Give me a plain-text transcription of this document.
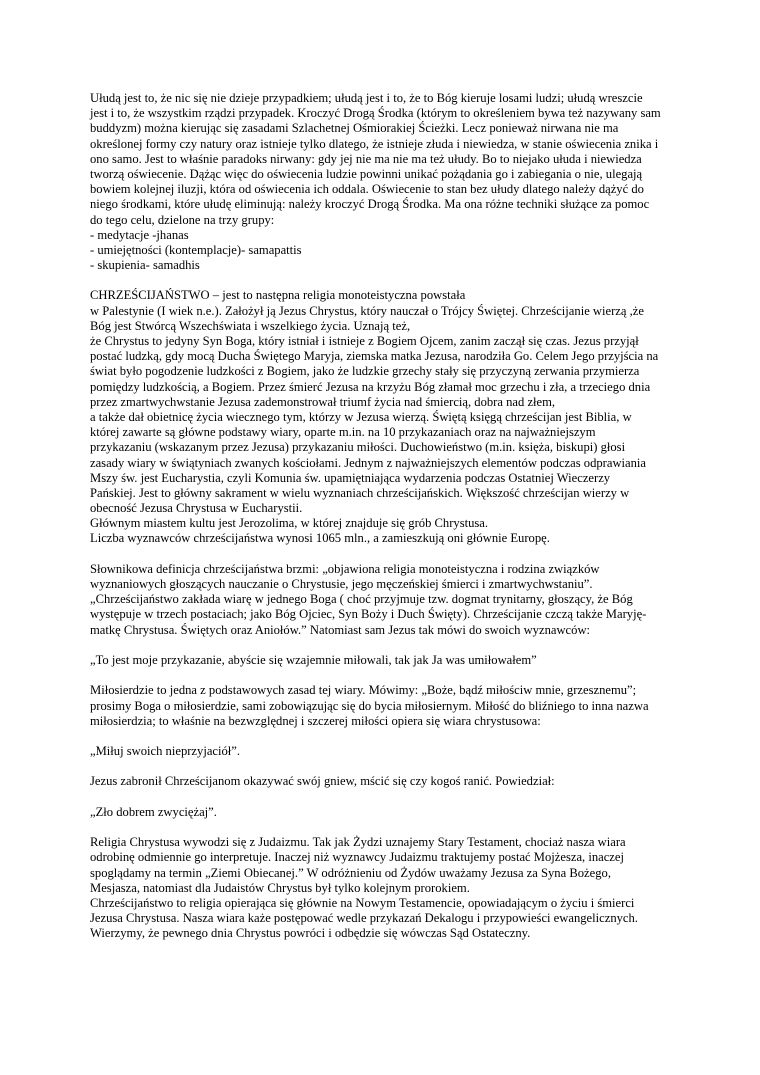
Ułudą jest to, że nic się nie dzieje przypadkiem; ułudą jest i to, że to Bóg kieruje losami ludzi; ułudą wreszcie
jest i to, że wszystkim rządzi przypadek. Kroczyć Drogą Środka (którym to określeniem bywa też nazywany sam
buddyzm) można kierując się zasadami Szlachetnej Ośmiorakiej Ścieżki. Lecz ponieważ nirwana nie ma
określonej formy czy natury oraz istnieje tylko dlatego, że istnieje złuda i niewiedza, w stanie oświecenia znika i
ono samo. Jest to właśnie paradoks nirwany: gdy jej nie ma nie ma też ułudy. Bo to niejako ułuda i niewiedza
tworzą oświecenie. Dążąc więc do oświecenia ludzie powinni unikać pożądania go i zabiegania o nie, ulegają
bowiem kolejnej iluzji, która od oświecenia ich oddala. Oświecenie to stan bez ułudy dlatego należy dążyć do
niego środkami, które ułudę eliminują: należy kroczyć Drogą Środka. Ma ona różne techniki służące za pomoc
do tego celu, dzielone na trzy grupy:
- medytacje -jhanas
- umiejętności (kontemplacje)- samapattis
- skupienia- samadhis
CHRZEŚCIJAŃSTWO – jest to następna religia monoteistyczna powstała
w Palestynie (I wiek n.e.). Założył ją Jezus Chrystus, który nauczał o Trójcy Świętej. Chrześcijanie wierzą ,że
Bóg jest Stwórcą Wszechświata i wszelkiego życia. Uznają też,
że Chrystus to jedyny Syn Boga, który istniał i istnieje z Bogiem Ojcem, zanim zaczął się czas. Jezus przyjął
postać ludzką, gdy mocą Ducha Świętego Maryja, ziemska matka Jezusa, narodziła Go. Celem Jego przyjścia na
świat było pogodzenie ludzkości z Bogiem, jako że ludzkie grzechy stały się przyczyną zerwania przymierza
pomiędzy ludzkością, a Bogiem. Przez śmierć Jezusa na krzyżu Bóg złamał moc grzechu i zła, a trzeciego dnia
przez zmartwychwstanie Jezusa zademonstrował triumf życia nad śmiercią, dobra nad złem,
a także dał obietnicę życia wiecznego tym, którzy w Jezusa wierzą. Świętą księgą chrześcijan jest Biblia, w
której zawarte są główne podstawy wiary, oparte m.in. na 10 przykazaniach oraz na najważniejszym
przykazaniu (wskazanym przez Jezusa) przykazaniu miłości. Duchowieństwo (m.in. księża, biskupi) głosi
zasady wiary w świątyniach zwanych kościołami. Jednym z najważniejszych elementów podczas odprawiania
Mszy św. jest Eucharystia, czyli Komunia św. upamiętniająca wydarzenia podczas Ostatniej Wieczerzy
Pańskiej. Jest to główny sakrament w wielu wyznaniach chrześcijańskich. Większość chrześcijan wierzy w
obecność Jezusa Chrystusa w Eucharystii.
Głównym miastem kultu jest Jerozolima, w której znajduje się grób Chrystusa.
Liczba wyznawców chrześcijaństwa wynosi 1065 mln., a zamieszkują oni głównie Europę.
Słownikowa definicja chrześcijaństwa brzmi: „objawiona religia monoteistyczna i rodzina związków
wyznaniowych głoszących nauczanie o Chrystusie, jego męczeńskiej śmierci i zmartwychwstaniu”.
„Chrześcijaństwo zakłada wiarę w jednego Boga ( choć przyjmuje tzw. dogmat trynitarny, głoszący, że Bóg
występuje w trzech postaciach; jako Bóg Ojciec, Syn Boży i Duch Święty). Chrześcijanie czczą także Maryję-
matkę Chrystusa. Świętych oraz Aniołów.” Natomiast sam Jezus tak mówi do swoich wyznawców:
„To jest moje przykazanie, abyście się wzajemnie miłowali, tak jak Ja was umiłowałem”
Miłosierdzie to jedna z podstawowych zasad tej wiary. Mówimy: „Boże, bądź miłościw mnie, grzesznemu”;
prosimy Boga o miłosierdzie, sami zobowiązując się do bycia miłosiernym. Miłość do bliźniego to inna nazwa
miłosierdzia; to właśnie na bezwzględnej i szczerej miłości opiera się wiara chrystusowa:
„Miłuj swoich nieprzyjaciół”.
Jezus zabronił Chrześcijanom okazywać swój gniew, mścić się czy kogoś ranić. Powiedział:
„Zło dobrem zwyciężaj”.
Religia Chrystusa wywodzi się z Judaizmu. Tak jak Żydzi uznajemy Stary Testament, chociaż nasza wiara
odrobinę odmiennie go interpretuje. Inaczej niż wyznawcy Judaizmu traktujemy postać Mojżesza, inaczej
spoglądamy na termin „Ziemi Obiecanej.” W odróżnieniu od Żydów uważamy Jezusa za Syna Bożego,
Mesjasza, natomiast dla Judaistów Chrystus był tylko kolejnym prorokiem.
Chrześcijaństwo to religia opierająca się głównie na Nowym Testamencie, opowiadającym o życiu i śmierci
Jezusa Chrystusa. Nasza wiara każe postępować wedle przykazań Dekalogu i przypowieści ewangelicznych.
Wierzymy, że pewnego dnia Chrystus powróci i odbędzie się wówczas Sąd Ostateczny.
